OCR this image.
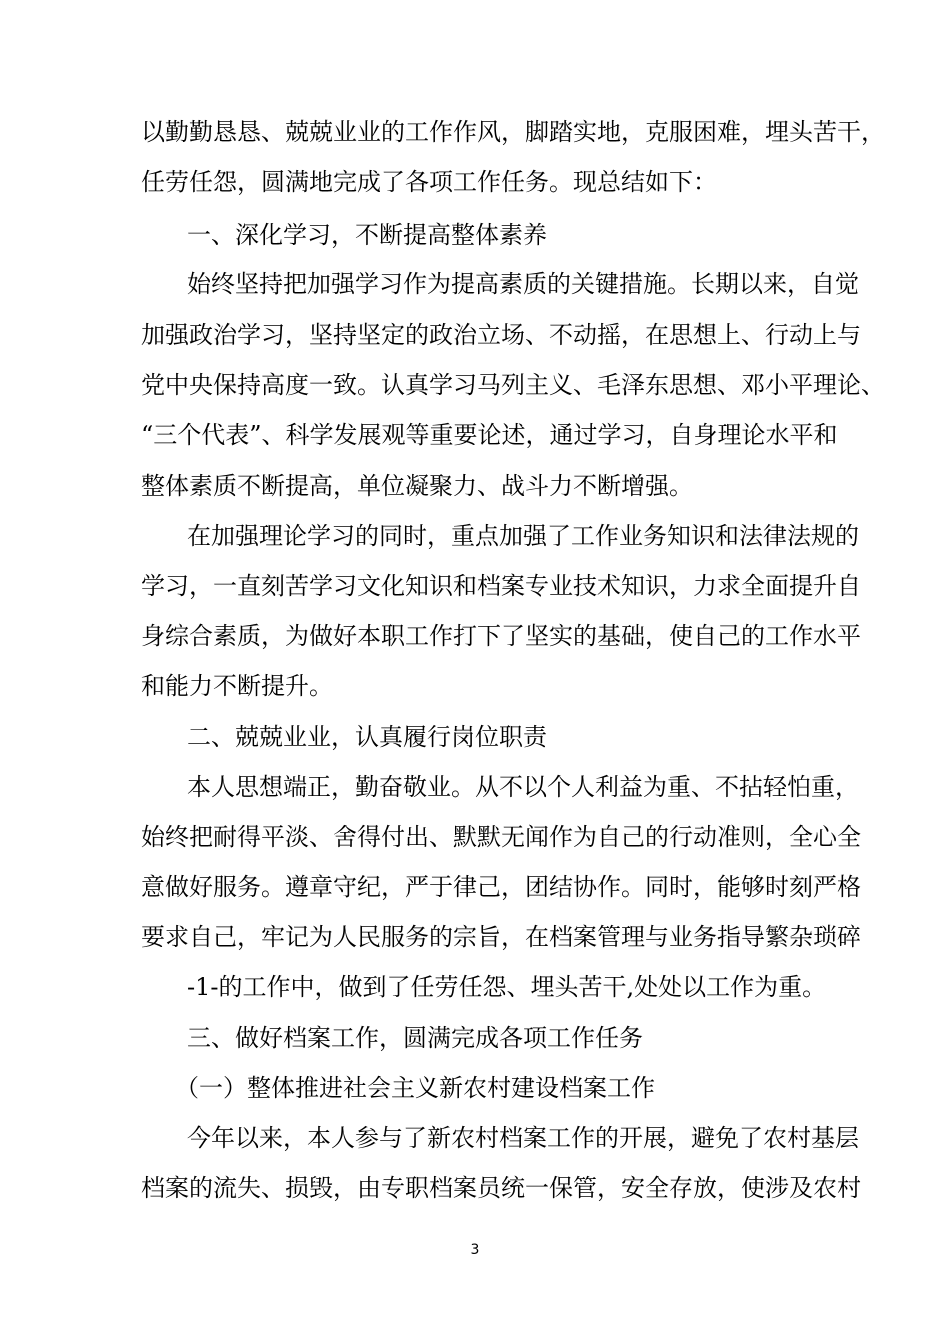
以勤勤恳恳、兢兢业业的工作作风，脚踏实地，克服困难，埋头苦干，

任劳任怨，圆满地完成了各项工作任务。现总结如下：

一、深化学习，不断提高整体素养

始终坚持把加强学习作为提高素质的关键措施。长期以来，自觉

加强政治学习，坚持坚定的政治立场、不动摇，在思想上、行动上与

党中央保持高度一致。认真学习马列主义、毛泽东思想、邓小平理论、

“三个代表”、科学发展观等重要论述，通过学习，自身理论水平和

整体素质不断提高，单位凝聚力、战斗力不断增强。

在加强理论学习的同时，重点加强了工作业务知识和法律法规的

学习，一直刻苦学习文化知识和档案专业技术知识，力求全面提升自

身综合素质，为做好本职工作打下了坚实的基础，使自己的工作水平

和能力不断提升。

二、兢兢业业，认真履行岗位职责

本人思想端正，勤奋敬业。从不以个人利益为重、不拈轻怕重，

始终把耐得平淡、舍得付出、默默无闻作为自己的行动准则，全心全

意做好服务。遵章守纪，严于律己，团结协作。同时，能够时刻严格

要求自己，牢记为人民服务的宗旨，在档案管理与业务指导繁杂琐碎

-1-的工作中，做到了任劳任怨、埋头苦干,处处以工作为重。

三、做好档案工作，圆满完成各项工作任务

（一）整体推进社会主义新农村建设档案工作

今年以来，本人参与了新农村档案工作的开展，避免了农村基层

档案的流失、损毁，由专职档案员统一保管，安全存放，使涉及农村

3
